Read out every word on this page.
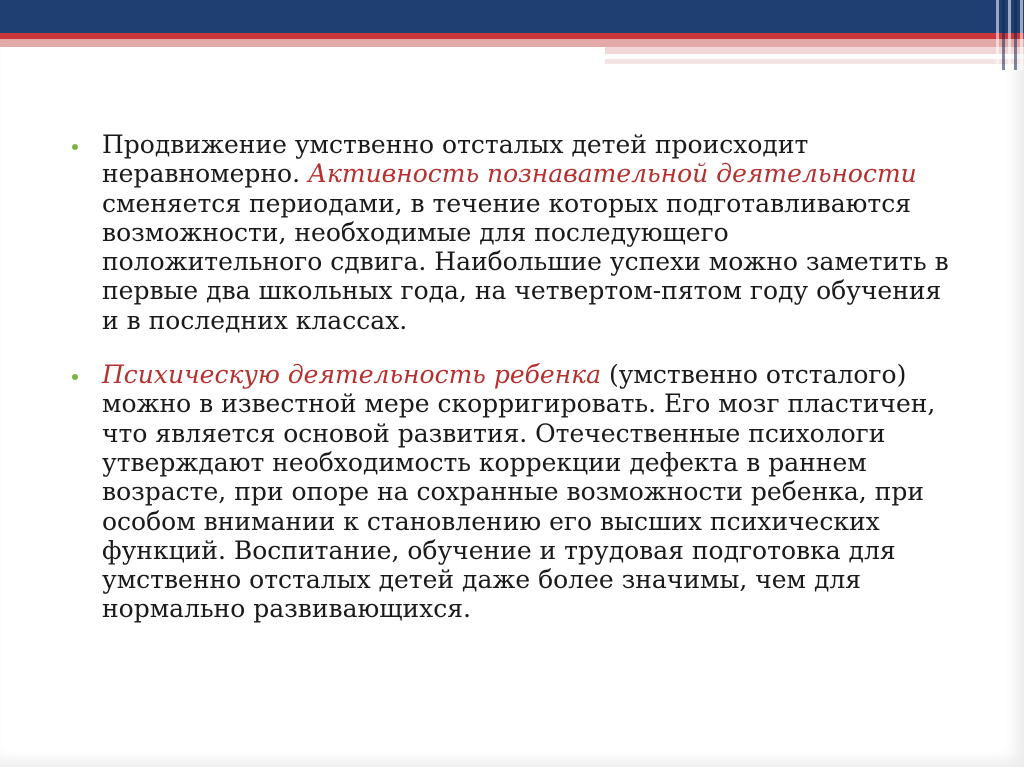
Продвижение умственно отсталых детей происходит неравномерно. Активность познавательной деятельности сменяется периодами, в течение которых подготавливаются возможности, необходимые для последующего положительного сдвига. Наибольшие успехи можно заметить в первые два школьных года, на четвертом-пятом году обучения и в последних классах.
Психическую деятельность ребенка (умственно отсталого) можно в известной мере скорригировать. Его мозг пластичен, что является основой развития. Отечественные психологи утверждают необходимость коррекции дефекта в раннем возрасте, при опоре на сохранные возможности ребенка, при особом внимании к становлению его высших психических функций. Воспитание, обучение и трудовая подготовка для умственно отсталых детей даже более значимы, чем для нормально развивающихся.
